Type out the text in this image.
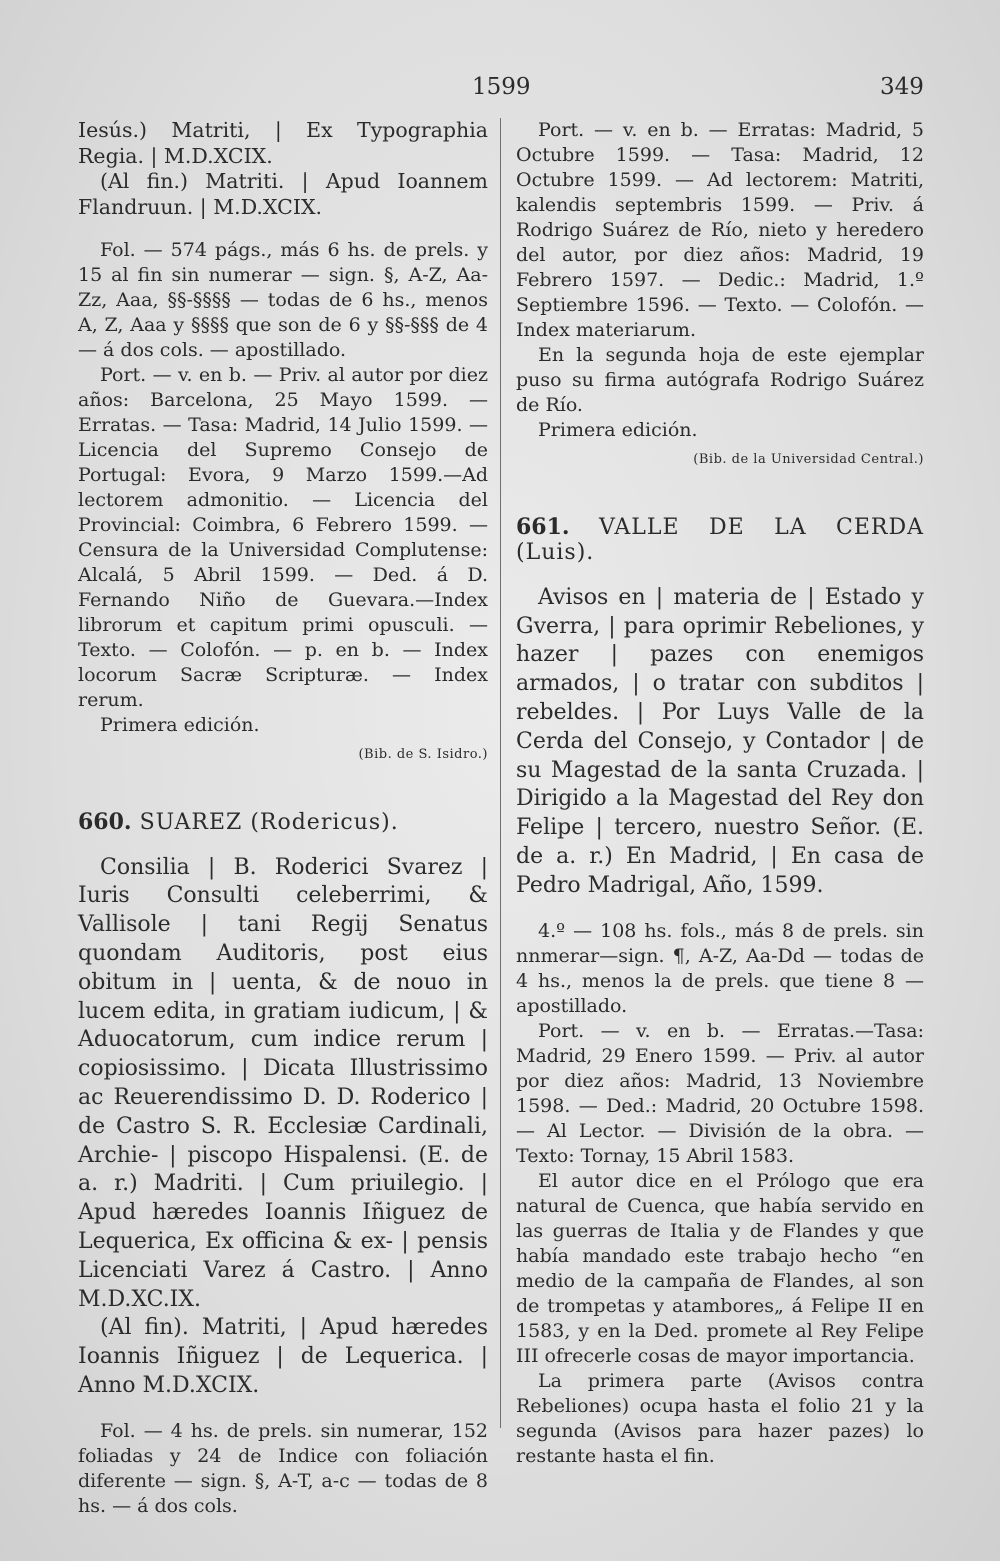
1599	349

Iesús.) Matriti, | Ex Typographia Regia. | M.D.XCIX.

(Al fin.) Matriti. | Apud Ioannem Flandruun. | M.D.XCIX.

Fol. — 574 págs., más 6 hs. de prels. y 15 al fin sin numerar — sign. §, A-Z, Aa-Zz, Aaa, §§-§§§§ — todas de 6 hs., menos A, Z, Aaa y §§§§ que son de 6 y §§-§§§ de 4 — á dos cols. — apostillado.

Port. — v. en b. — Priv. al autor por diez años: Barcelona, 25 Mayo 1599. — Erratas. — Tasa: Madrid, 14 Julio 1599. — Licencia del Supremo Consejo de Portugal: Evora, 9 Marzo 1599.—Ad lectorem admonitio. — Licencia del Provincial: Coimbra, 6 Febrero 1599. — Censura de la Universidad Complutense: Alcalá, 5 Abril 1599. — Ded. á D. Fernando Niño de Guevara.—Index librorum et capitum primi opusculi. — Texto. — Colofón. — p. en b. — Index locorum Sacræ Scripturæ. — Index rerum.

Primera edición.

(Bib. de S. Isidro.)

660. SUAREZ (Rodericus).

Consilia | B. Roderici Svarez | Iuris Consulti celeberrimi, & Vallisole | tani Regij Senatus quondam Auditoris, post eius obitum in | uenta, & de nouo in lucem edita, in gratiam iudicum, | & Aduocatorum, cum indice rerum | copiosissimo. | Dicata Illustrissimo ac Reuerendissimo D. D. Roderico | de Castro S. R. Ecclesiæ Cardinali, Archie- | piscopo Hispalensi. (E. de a. r.) Madriti. | Cum priuilegio. | Apud hæredes Ioannis Iñiguez de Lequerica, Ex officina & ex- | pensis Licenciati Varez á Castro. | Anno M.D.XC.IX.

(Al fin). Matriti, | Apud hæredes Ioannis Iñiguez | de Lequerica. | Anno M.D.XCIX.

Fol. — 4 hs. de prels. sin numerar, 152 foliadas y 24 de Indice con foliación diferente — sign. §, A-T, a-c — todas de 8 hs. — á dos cols.

Port. — v. en b. — Erratas: Madrid, 5 Octubre 1599. — Tasa: Madrid, 12 Octubre 1599. — Ad lectorem: Matriti, kalendis septembris 1599. — Priv. á Rodrigo Suárez de Río, nieto y heredero del autor, por diez años: Madrid, 19 Febrero 1597. — Dedic.: Madrid, 1.º Septiembre 1596. — Texto. — Colofón. — Index materiarum.

En la segunda hoja de este ejemplar puso su firma autógrafa Rodrigo Suárez de Río.

Primera edición.

(Bib. de la Universidad Central.)

661. VALLE DE LA CERDA (Luis).

Avisos en | materia de | Estado y Gverra, | para oprimir Rebeliones, y hazer | pazes con enemigos armados, | o tratar con subditos | rebeldes. | Por Luys Valle de la Cerda del Consejo, y Contador | de su Magestad de la santa Cruzada. | Dirigido a la Magestad del Rey don Felipe | tercero, nuestro Señor. (E. de a. r.) En Madrid, | En casa de Pedro Madrigal, Año, 1599.

4.º — 108 hs. fols., más 8 de prels. sin nnmerar—sign. ¶, A-Z, Aa-Dd — todas de 4 hs., menos la de prels. que tiene 8 — apostillado.

Port. — v. en b. — Erratas.—Tasa: Madrid, 29 Enero 1599. — Priv. al autor por diez años: Madrid, 13 Noviembre 1598. — Ded.: Madrid, 20 Octubre 1598. — Al Lector. — División de la obra. — Texto: Tornay, 15 Abril 1583.

El autor dice en el Prólogo que era natural de Cuenca, que había servido en las guerras de Italia y de Flandes y que había mandado este trabajo hecho “en medio de la campaña de Flandes, al son de trompetas y atambores„ á Felipe II en 1583, y en la Ded. promete al Rey Felipe III ofrecerle cosas de mayor importancia.

La primera parte (Avisos contra Rebeliones) ocupa hasta el folio 21 y la segunda (Avisos para hazer pazes) lo restante hasta el fin.
